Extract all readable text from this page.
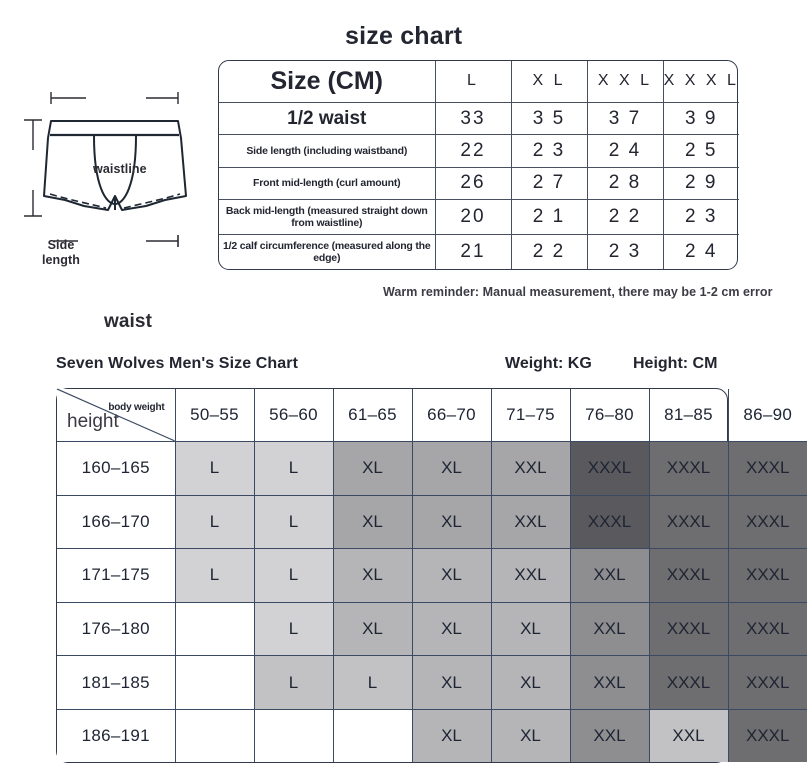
size chart
waistline
Side
length
waist
Size (CM)	L	X L	X X L	X X X L
1/2 waist	33	3 5	3 7	3 9
Side length (including waistband)	22	2 3	2 4	2 5
Front mid-length (curl amount)	26	2 7	2 8	2 9
Back mid-length (measured straight down from waistline)	20	2 1	2 2	2 3
1/2 calf circumference (measured along the edge)	21	2 2	2 3	2 4
Warm reminder: Manual measurement, there may be 1-2 cm error
Seven Wolves Men's Size Chart	Weight: KG	Height: CM
body weight
height	50–55	56–60	61–65	66–70	71–75	76–80	81–85	86–90
160–165	L	L	XL	XL	XXL	XXXL	XXXL	XXXL
166–170	L	L	XL	XL	XXL	XXXL	XXXL	XXXL
171–175	L	L	XL	XL	XXL	XXL	XXXL	XXXL
176–180		L	XL	XL	XL	XXL	XXXL	XXXL
181–185		L	L	XL	XL	XXL	XXXL	XXXL
186–191				XL	XL	XXL	XXL	XXXL
